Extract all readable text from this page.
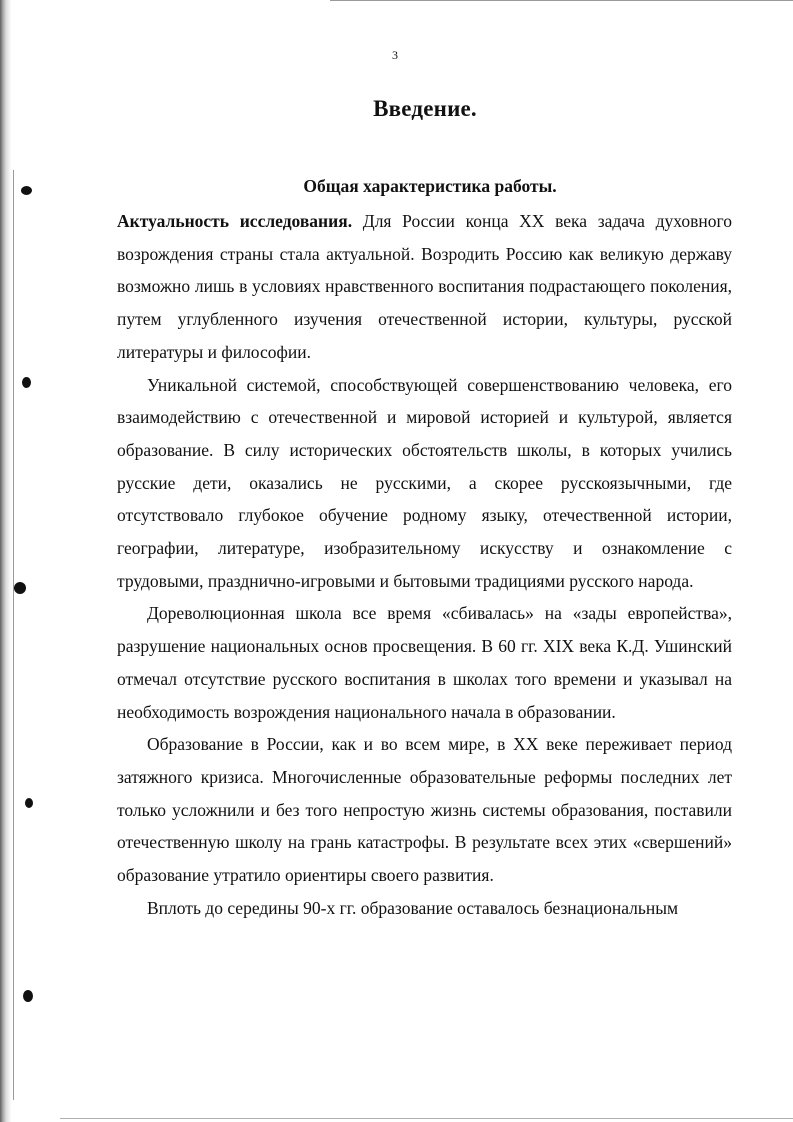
3
Введение.
Общая характеристика работы.

Актуальность исследования. Для России конца XX века задача духовного возрождения страны стала актуальной. Возродить Россию как великую державу возможно лишь в условиях нравственного воспитания подрастающего поколения, путем углубленного изучения отечественной истории, культуры, русской литературы и философии.

Уникальной системой, способствующей совершенствованию человека, его взаимодействию с отечественной и мировой историей и культурой, является образование. В силу исторических обстоятельств школы, в которых учились русские дети, оказались не русскими, а скорее русскоязычными, где отсутствовало глубокое обучение родному языку, отечественной истории, географии, литературе, изобразительному искусству и ознакомление с трудовыми, празднично-игровыми и бытовыми традициями русского народа.

Дореволюционная школа все время «сбивалась» на «зады европейства», разрушение национальных основ просвещения. В 60 гг. XIX века К.Д. Ушинский отмечал отсутствие русского воспитания в школах того времени и указывал на необходимость возрождения национального начала в образовании.

Образование в России, как и во всем мире, в XX веке переживает период затяжного кризиса. Многочисленные образовательные реформы последних лет только усложнили и без того непростую жизнь системы образования, поставили отечественную школу на грань катастрофы. В результате всех этих «свершений» образование утратило ориентиры своего развития.

Вплоть до середины 90-х гг. образование оставалось безнациональным
